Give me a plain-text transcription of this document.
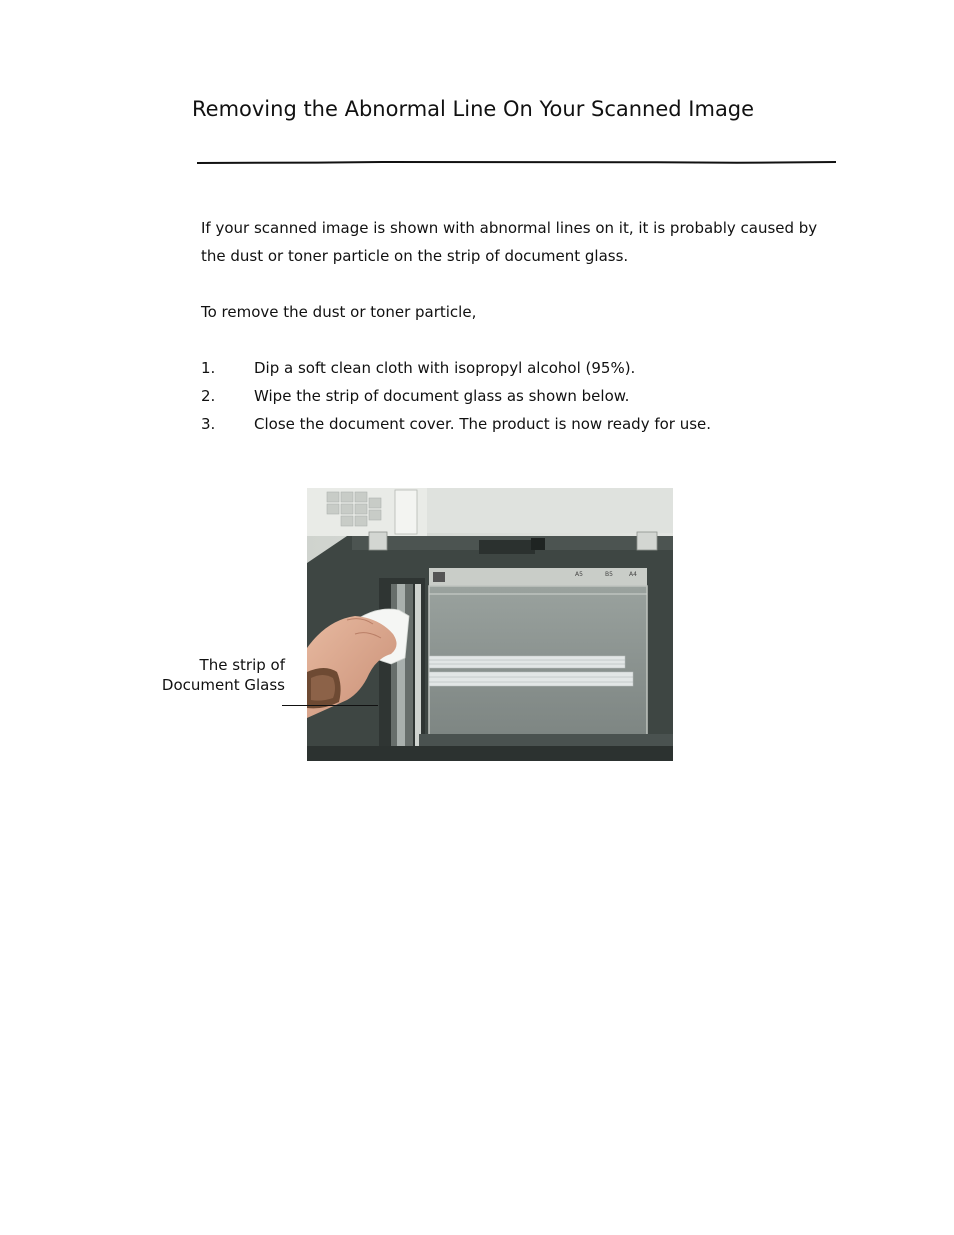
Removing the Abnormal Line On Your Scanned Image

If your scanned image is shown with abnormal lines on it, it is probably caused by
the dust or toner particle on the strip of document glass.

To remove the dust or toner particle,

1.	Dip a soft clean cloth with isopropyl alcohol (95%).
2.	Wipe the strip of document glass as shown below.
3.	Close the document cover. The product is now ready for use.
A5	B5	A4
The strip of
Document Glass
